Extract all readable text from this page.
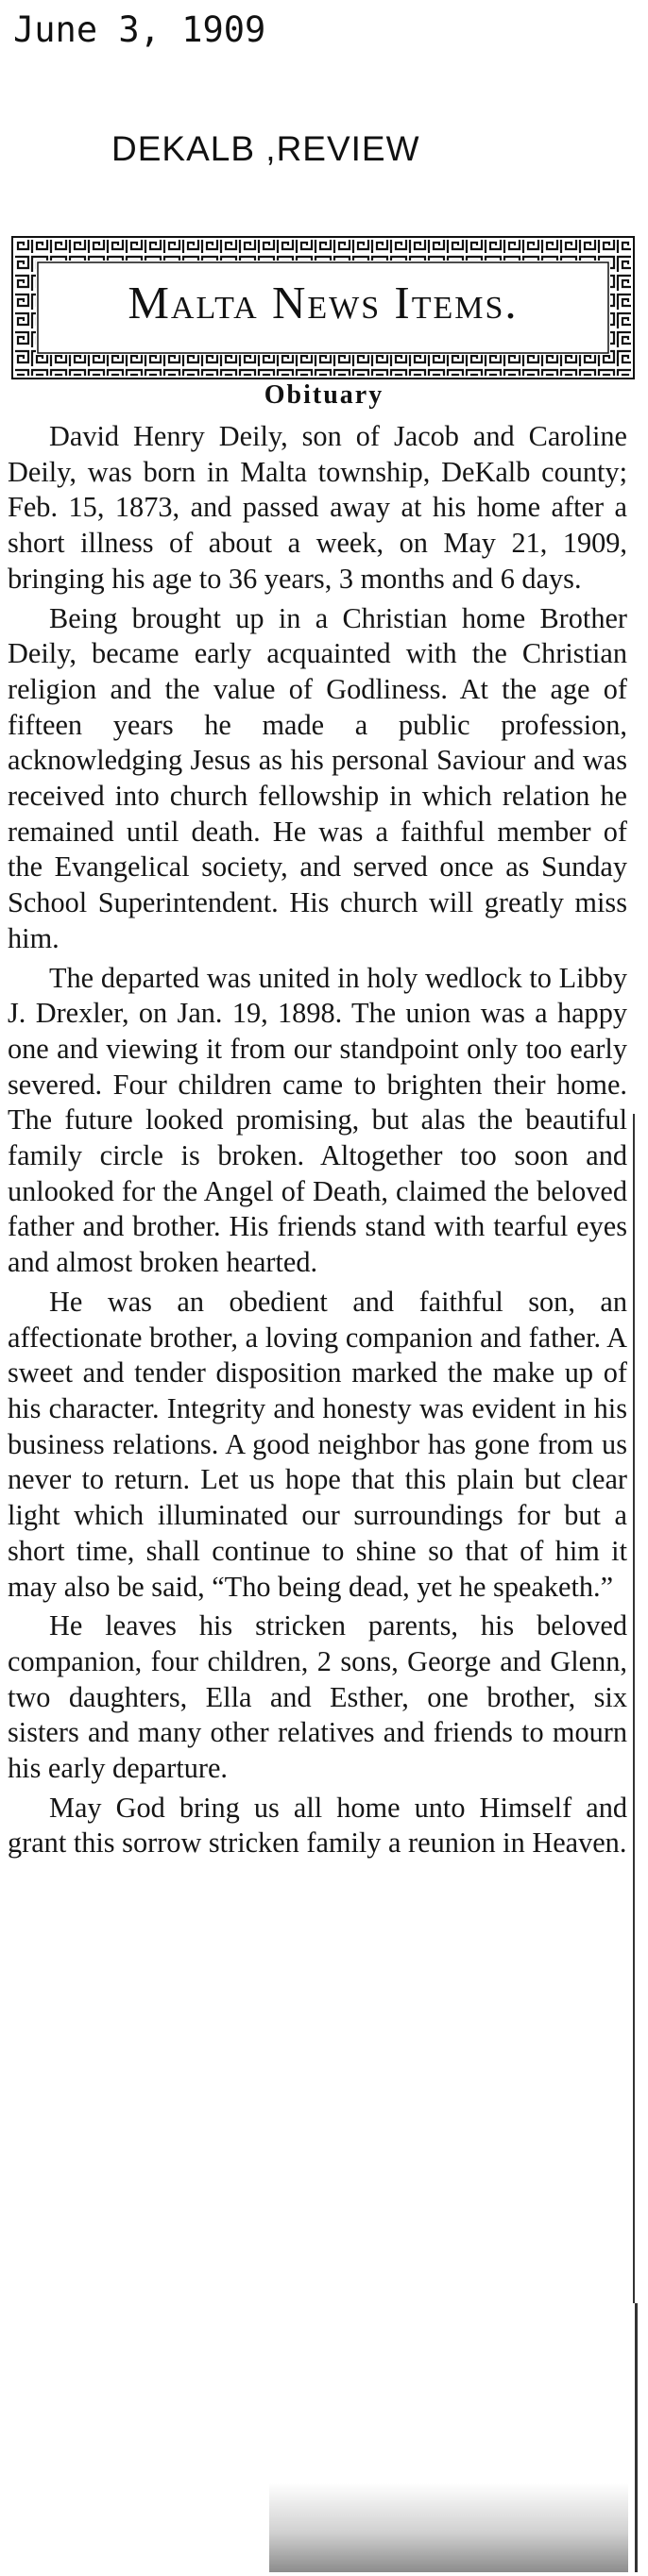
June 3, 1909
DEKALB ,REVIEW
Malta News Items.
Obituary

David Henry Deily, son of Jacob and Caroline Deily, was born in Malta township, DeKalb county; Feb. 15, 1873, and passed away at his home after a short illness of about a week, on May 21, 1909, bringing his age to 36 years, 3 months and 6 days.

Being brought up in a Christian home Brother Deily, became early acquainted with the Christian religion and the value of Godliness. At the age of fifteen years he made a public profession, acknowledging Jesus as his personal Saviour and was received into church fellowship in which relation he remained until death. He was a faithful member of the Evangelical society, and served once as Sunday School Superintendent. His church will greatly miss him.

The departed was united in holy wedlock to Libby J. Drexler, on Jan. 19, 1898. The union was a happy one and viewing it from our standpoint only too early severed. Four children came to brighten their home. The future looked promising, but alas the beautiful family circle is broken. Altogether too soon and unlooked for the Angel of Death, claimed the beloved father and brother. His friends stand with tearful eyes and almost broken hearted.

He was an obedient and faithful son, an affectionate brother, a loving companion and father. A sweet and tender disposition marked the make up of his character. Integrity and honesty was evident in his business relations. A good neighbor has gone from us never to return. Let us hope that this plain but clear light which illuminated our surroundings for but a short time, shall continue to shine so that of him it may also be said, “Tho being dead, yet he speaketh.”

He leaves his stricken parents, his beloved companion, four children, 2 sons, George and Glenn, two daughters, Ella and Esther, one brother, six sisters and many other relatives and friends to mourn his early departure.

May God bring us all home unto Himself and grant this sorrow stricken family a reunion in Heaven.
